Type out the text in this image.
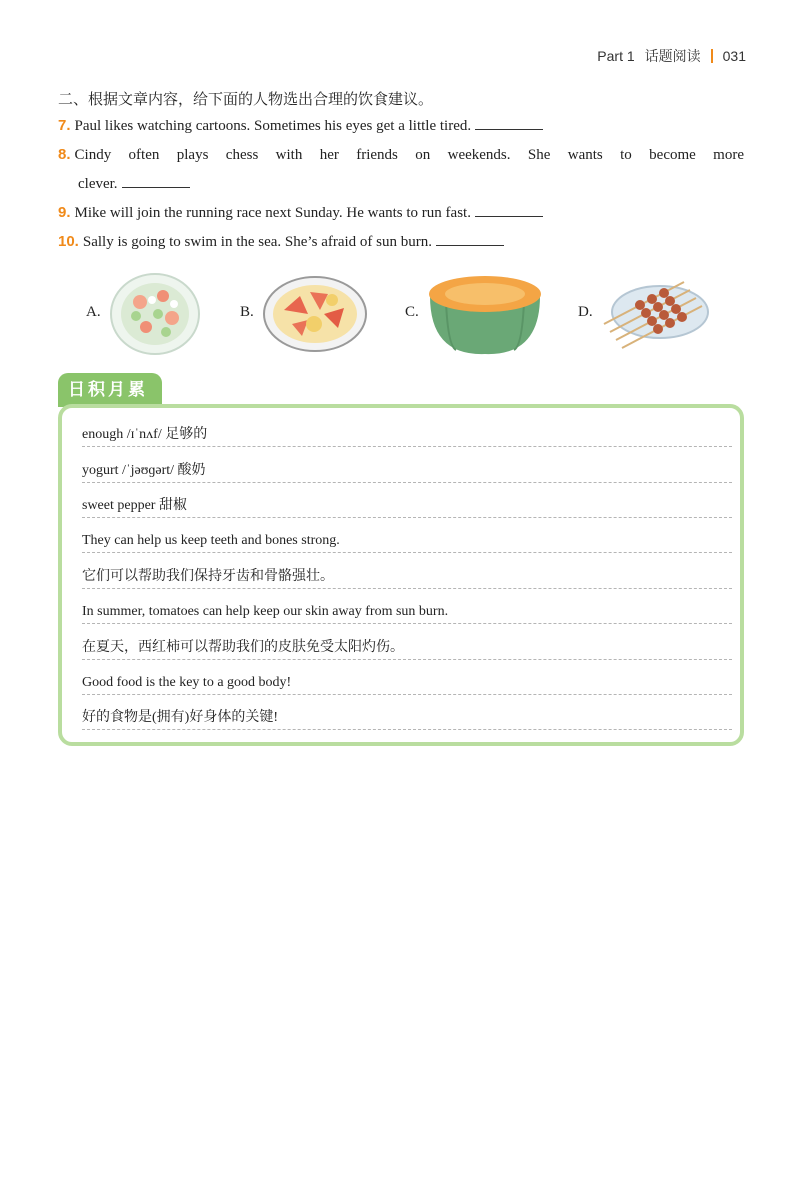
Part 1 话题阅读 031
二、根据文章内容，给下面的人物选出合理的饮食建议。
7. Paul likes watching cartoons. Sometimes his eyes get a little tired.
8. Cindy often plays chess with her friends on weekends. She wants to become more
clever.
9. Mike will join the running race next Sunday. He wants to run fast.
10. Sally is going to swim in the sea. She’s afraid of sun burn.
A.	B.	C.	D.
日积月累
enough /ɪˈnʌf/ 足够的
yogurt /ˈjəʊɡərt/ 酸奶
sweet pepper 甜椒
They can help us keep teeth and bones strong.
它们可以帮助我们保持牙齿和骨骼强壮。
In summer, tomatoes can help keep our skin away from sun burn.
在夏天，西红柿可以帮助我们的皮肤免受太阳灼伤。
Good food is the key to a good body!
好的食物是(拥有)好身体的关键!
